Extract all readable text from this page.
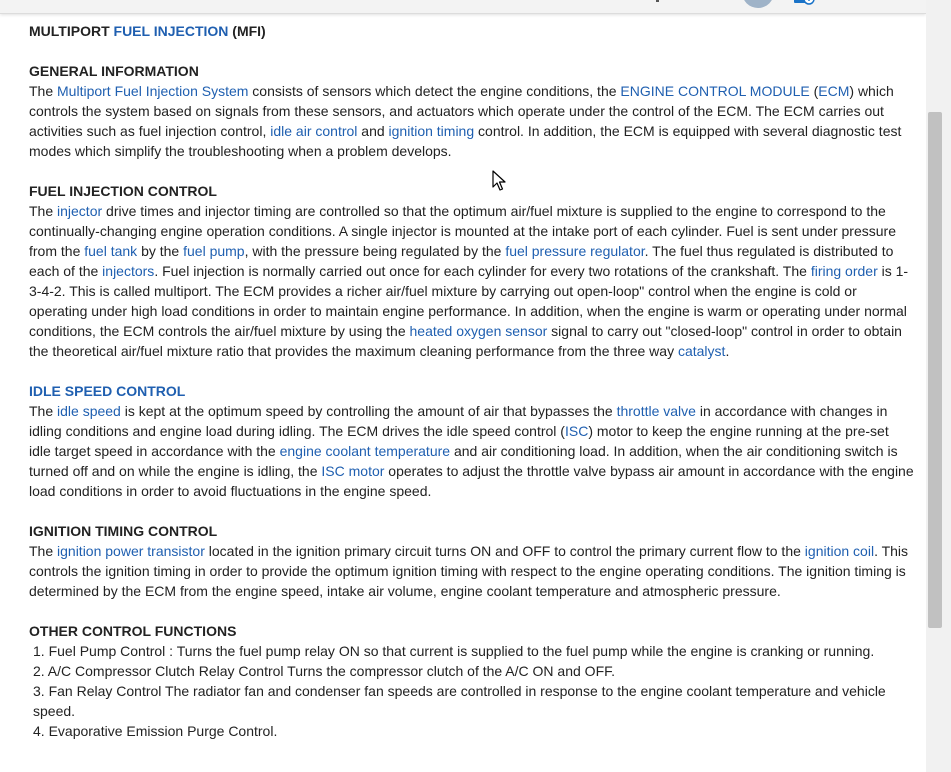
MULTIPORT FUEL INJECTION (MFI)

GENERAL INFORMATION

The Multiport Fuel Injection System consists of sensors which detect the engine conditions, the ENGINE CONTROL MODULE (ECM) which controls the system based on signals from these sensors, and actuators which operate under the control of the ECM. The ECM carries out activities such as fuel injection control, idle air control and ignition timing control. In addition, the ECM is equipped with several diagnostic test modes which simplify the troubleshooting when a problem develops.

FUEL INJECTION CONTROL

The injector drive times and injector timing are controlled so that the optimum air/fuel mixture is supplied to the engine to correspond to the continually-changing engine operation conditions. A single injector is mounted at the intake port of each cylinder. Fuel is sent under pressure from the fuel tank by the fuel pump, with the pressure being regulated by the fuel pressure regulator. The fuel thus regulated is distributed to each of the injectors. Fuel injection is normally carried out once for each cylinder for every two rotations of the crankshaft. The firing order is 1-3-4-2. This is called multiport. The ECM provides a richer air/fuel mixture by carrying out open-loop" control when the engine is cold or operating under high load conditions in order to maintain engine performance. In addition, when the engine is warm or operating under normal conditions, the ECM controls the air/fuel mixture by using the heated oxygen sensor signal to carry out "closed-loop" control in order to obtain the theoretical air/fuel mixture ratio that provides the maximum cleaning performance from the three way catalyst.

IDLE SPEED CONTROL

The idle speed is kept at the optimum speed by controlling the amount of air that bypasses the throttle valve in accordance with changes in idling conditions and engine load during idling. The ECM drives the idle speed control (ISC) motor to keep the engine running at the pre-set idle target speed in accordance with the engine coolant temperature and air conditioning load. In addition, when the air conditioning switch is turned off and on while the engine is idling, the ISC motor operates to adjust the throttle valve bypass air amount in accordance with the engine load conditions in order to avoid fluctuations in the engine speed.

IGNITION TIMING CONTROL

The ignition power transistor located in the ignition primary circuit turns ON and OFF to control the primary current flow to the ignition coil. This controls the ignition timing in order to provide the optimum ignition timing with respect to the engine operating conditions. The ignition timing is determined by the ECM from the engine speed, intake air volume, engine coolant temperature and atmospheric pressure.

OTHER CONTROL FUNCTIONS

1. Fuel Pump Control : Turns the fuel pump relay ON so that current is supplied to the fuel pump while the engine is cranking or running.
2. A/C Compressor Clutch Relay Control Turns the compressor clutch of the A/C ON and OFF.
3. Fan Relay Control The radiator fan and condenser fan speeds are controlled in response to the engine coolant temperature and vehicle speed.
4. Evaporative Emission Purge Control.
